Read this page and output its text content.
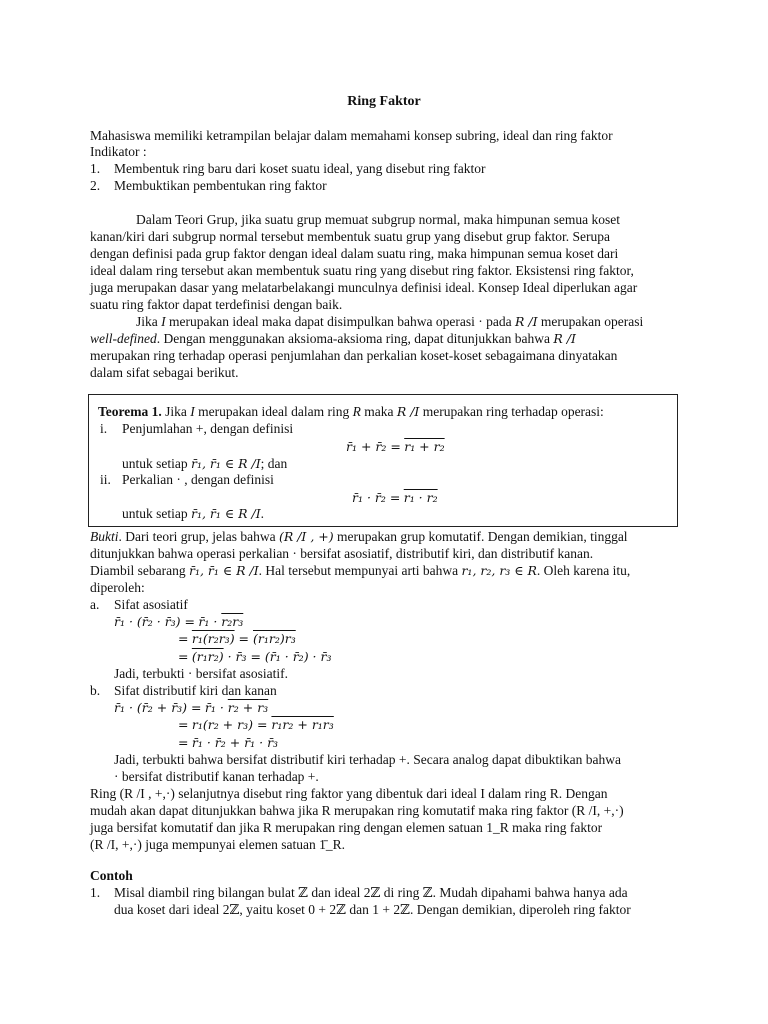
Ring Faktor
Mahasiswa memiliki ketrampilan belajar dalam memahami konsep subring, ideal dan ring faktor
Indikator :
1. Membentuk ring baru dari koset suatu ideal, yang disebut ring faktor
2. Membuktikan pembentukan ring faktor
Dalam Teori Grup, jika suatu grup memuat subgrup normal, maka himpunan semua koset
kanan/kiri dari subgrup normal tersebut membentuk suatu grup yang disebut grup faktor. Serupa
dengan definisi pada grup faktor dengan ideal dalam suatu ring, maka himpunan semua koset dari
ideal dalam ring tersebut akan membentuk suatu ring yang disebut ring faktor. Eksistensi ring faktor,
juga merupakan dasar yang melatarbelakangi munculnya definisi ideal. Konsep Ideal diperlukan agar
suatu ring faktor dapat terdefinisi dengan baik.
Jika I merupakan ideal maka dapat disimpulkan bahwa operasi · pada R /I merupakan operasi
well-defined. Dengan menggunakan aksioma-aksioma ring, dapat ditunjukkan bahwa R /I
merupakan ring terhadap operasi penjumlahan dan perkalian koset-koset sebagaimana dinyatakan
dalam sifat sebagai berikut.
Teorema 1. Jika I merupakan ideal dalam ring R maka R /I merupakan ring terhadap operasi:
i. Penjumlahan +, dengan definisi
r̄₁ + r̄₂ = r₁ + r₂
untuk setiap r̄₁, r̄₁ ∈ R /I; dan
ii. Perkalian · , dengan definisi
r̄₁ · r̄₂ = r₁ · r₂
untuk setiap r̄₁, r̄₁ ∈ R /I.
Bukti. Dari teori grup, jelas bahwa (R /I , +) merupakan grup komutatif. Dengan demikian, tinggal
ditunjukkan bahwa operasi perkalian · bersifat asosiatif, distributif kiri, dan distributif kanan.
Diambil sebarang r̄₁, r̄₁ ∈ R /I. Hal tersebut mempunyai arti bahwa r₁, r₂, r₃ ∈ R. Oleh karena itu,
diperoleh:
a. Sifat asosiatif
r̄₁ · (r̄₂ · r̄₃) = r̄₁ · r₂r₃
= r₁(r₂r₃) = (r₁r₂)r₃
= (r₁r₂) · r̄₃ = (r̄₁ · r̄₂) · r̄₃
Jadi, terbukti · bersifat asosiatif.
b. Sifat distributif kiri dan kanan
r̄₁ · (r̄₂ + r̄₃) = r̄₁ · r₂ + r₃
= r₁(r₂ + r₃) = r₁r₂ + r₁r₃
= r̄₁ · r̄₂ + r̄₁ · r̄₃
Jadi, terbukti bahwa bersifat distributif kiri terhadap +. Secara analog dapat dibuktikan bahwa
· bersifat distributif kanan terhadap +.
Ring (R /I , +,·) selanjutnya disebut ring faktor yang dibentuk dari ideal I dalam ring R. Dengan
mudah akan dapat ditunjukkan bahwa jika R merupakan ring komutatif maka ring faktor (R /I, +,·)
juga bersifat komutatif dan jika R merupakan ring dengan elemen satuan 1_R maka ring faktor
(R /I, +,·) juga mempunyai elemen satuan 1̄_R.
Contoh
1. Misal diambil ring bilangan bulat ℤ dan ideal 2ℤ di ring ℤ. Mudah dipahami bahwa hanya ada
dua koset dari ideal 2ℤ, yaitu koset 0 + 2ℤ dan 1 + 2ℤ. Dengan demikian, diperoleh ring faktor
